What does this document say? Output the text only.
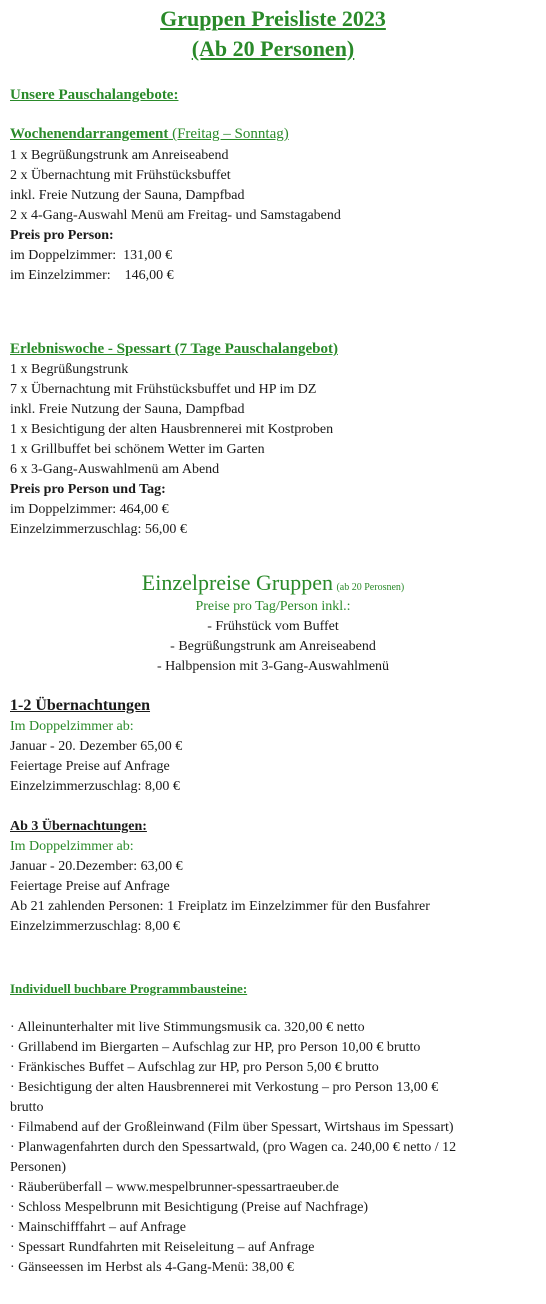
Gruppen Preisliste 2023
(Ab 20 Personen)
Unsere Pauschalangebote:
Wochenendarrangement (Freitag – Sonntag)
1 x Begrüßungstrunk am Anreiseabend
2 x Übernachtung mit Frühstücksbuffet
inkl. Freie Nutzung der Sauna, Dampfbad
2 x 4-Gang-Auswahl Menü am Freitag- und Samstagabend
Preis pro Person:
im Doppelzimmer:  131,00 €
im Einzelzimmer:    146,00 €
Erlebniswoche - Spessart (7 Tage Pauschalangebot)
1 x Begrüßungstrunk
7 x Übernachtung mit Frühstücksbuffet und HP im DZ
inkl. Freie Nutzung der Sauna, Dampfbad
1 x Besichtigung der alten Hausbrennerei mit Kostproben
1 x Grillbuffet bei schönem Wetter im Garten
6 x 3-Gang-Auswahlmenü am Abend
Preis pro Person und Tag:
im Doppelzimmer: 464,00 €
Einzelzimmerzuschlag: 56,00 €
Einzelpreise Gruppen (ab 20 Perosnen)
Preise pro Tag/Person inkl.:
- Frühstück vom Buffet
- Begrüßungstrunk am Anreiseabend
- Halbpension mit 3-Gang-Auswahlmenü
1-2 Übernachtungen
Im Doppelzimmer ab:
Januar - 20. Dezember 65,00 €
Feiertage Preise auf Anfrage
Einzelzimmerzuschlag: 8,00 €
Ab 3 Übernachtungen:
Im Doppelzimmer ab:
Januar - 20.Dezember: 63,00 €
Feiertage Preise auf Anfrage
Ab 21 zahlenden Personen: 1 Freiplatz im Einzelzimmer für den Busfahrer
Einzelzimmerzuschlag: 8,00 €
Individuell buchbare Programmbausteine:
· Alleinunterhalter mit live Stimmungsmusik ca. 320,00 € netto
· Grillabend im Biergarten – Aufschlag zur HP, pro Person 10,00 € brutto
· Fränkisches Buffet – Aufschlag zur HP, pro Person 5,00 € brutto
· Besichtigung der alten Hausbrennerei mit Verkostung – pro Person 13,00 €
brutto
· Filmabend auf der Großleinwand (Film über Spessart, Wirtshaus im Spessart)
· Planwagenfahrten durch den Spessartwald, (pro Wagen ca. 240,00 € netto / 12
Personen)
· Räuberüberfall – www.mespelbrunner-spessartraeuber.de
· Schloss Mespelbrunn mit Besichtigung (Preise auf Nachfrage)
· Mainschifffahrt – auf Anfrage
· Spessart Rundfahrten mit Reiseleitung – auf Anfrage
· Gänseessen im Herbst als 4-Gang-Menü: 38,00 €
